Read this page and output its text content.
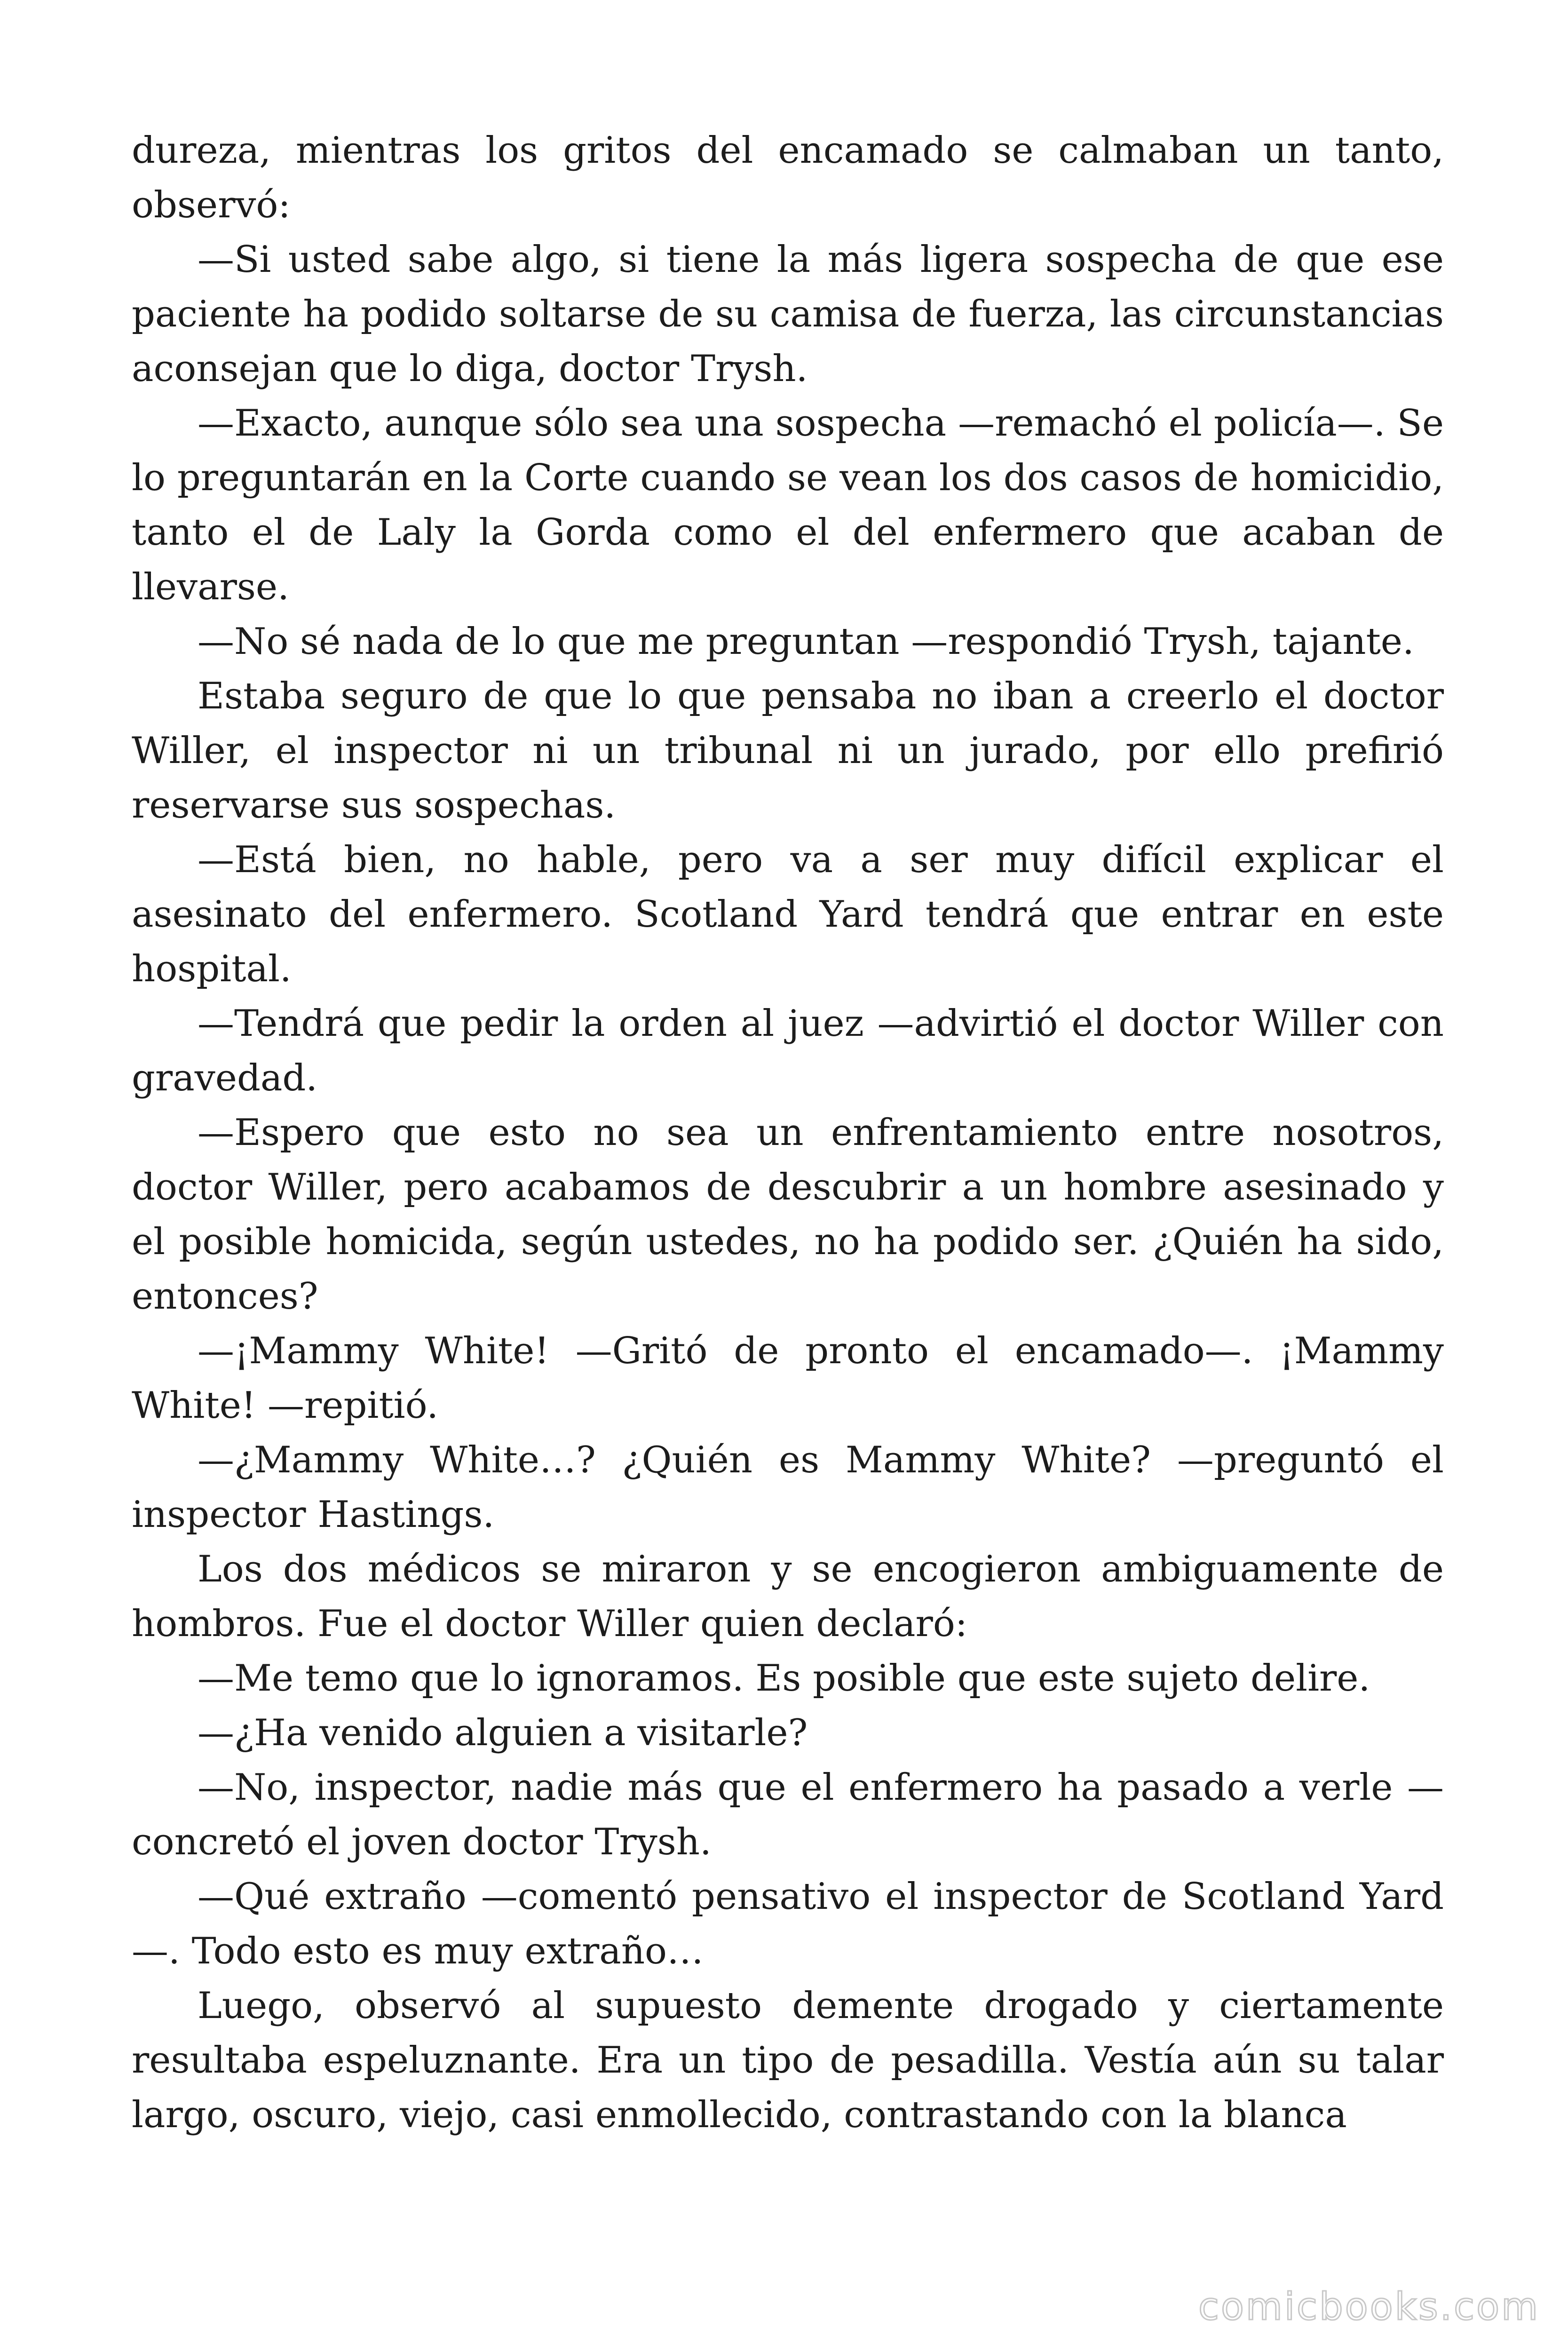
dureza, mientras los gritos del encamado se calmaban un tanto, observó:

—Si usted sabe algo, si tiene la más ligera sospecha de que ese paciente ha podido soltarse de su camisa de fuerza, las circunstancias aconsejan que lo diga, doctor Trysh.

—Exacto, aunque sólo sea una sospecha —remachó el policía—. Se lo preguntarán en la Corte cuando se vean los dos casos de homicidio, tanto el de Laly la Gorda como el del enfermero que acaban de llevarse.

—No sé nada de lo que me preguntan —respondió Trysh, tajante.

Estaba seguro de que lo que pensaba no iban a creerlo el doctor Willer, el inspector ni un tribunal ni un jurado, por ello prefirió reservarse sus sospechas.

—Está bien, no hable, pero va a ser muy difícil explicar el asesinato del enfermero. Scotland Yard tendrá que entrar en este hospital.

—Tendrá que pedir la orden al juez —advirtió el doctor Willer con gravedad.

—Espero que esto no sea un enfrentamiento entre nosotros, doctor Willer, pero acabamos de descubrir a un hombre asesinado y el posible homicida, según ustedes, no ha podido ser. ¿Quién ha sido, entonces?

—¡Mammy White! —Gritó de pronto el encamado—. ¡Mammy White! —repitió.

—¿Mammy White…? ¿Quién es Mammy White? —preguntó el inspector Hastings.

Los dos médicos se miraron y se encogieron ambiguamente de hombros. Fue el doctor Willer quien declaró:

—Me temo que lo ignoramos. Es posible que este sujeto delire.

—¿Ha venido alguien a visitarle?

—No, inspector, nadie más que el enfermero ha pasado a verle —concretó el joven doctor Trysh.

—Qué extraño —comentó pensativo el inspector de Scotland Yard—. Todo esto es muy extraño…

Luego, observó al supuesto demente drogado y ciertamente resultaba espeluznante. Era un tipo de pesadilla. Vestía aún su talar largo, oscuro, viejo, casi enmollecido, contrastando con la blanca

comicbooks.com
